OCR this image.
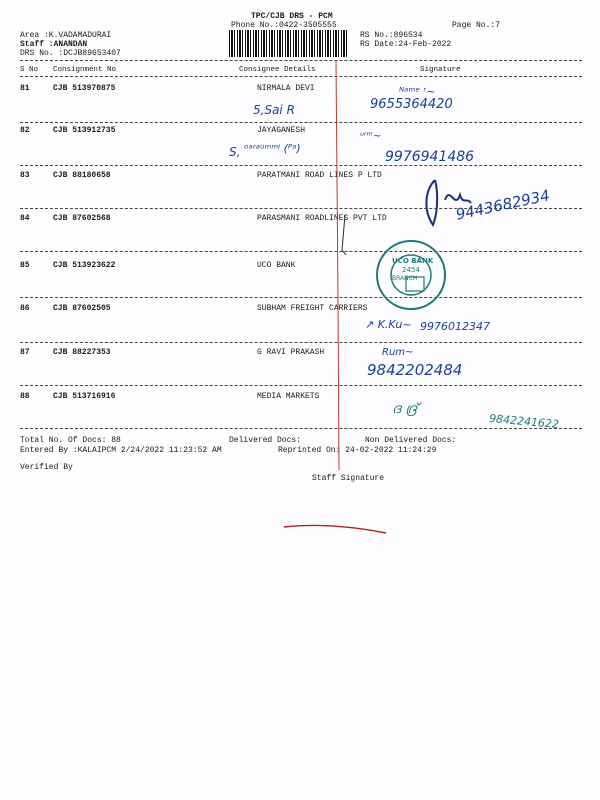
TPC/CJB DRS - PCM
Phone No.:0422-3505555
Area :K.VADAMADURAI
Staff :ANANDAN
DRS No. :DCJB89653407
RS No.:896534
RS Date:24-Feb-2022
Page No.:7
S No Consignment No	Consignee Details	Signature
81	CJB 513970875	NIRMALA DEVI
82	CJB 513912735	JAYAGANESH
83	CJB 88180658	PARATMANI ROAD LINES P LTD
84	CJB 87602568	PARASMANI ROADLINES PVT LTD
85	CJB 513923622	UCO BANK
86	CJB 87602505	SUBHAM FREIGHT CARRIERS
87	CJB 88227353	G RAVI PRAKASH
88	CJB 513716916	MEDIA MARKETS
Total No. Of Docs: 88	Delivered Docs:	Non Delivered Docs:
Entered By :KALAIPCM 2/24/2022 11:23:52 AM	Reprinted On: 24-02-2022 11:24:29
Verified By
Staff Signature
ᴺᵃᵐᵉ ʳ~
9655364420
5,Sai R
ᵘʳᵐ~
S, ᵒᵃʳᵃᵘᵐᵐⁱ (ᴾᵃ)
9976941486
9443682934
UCO BANK
2454
BRANCH
↗ K.Ku~ 9976012347
Rum~
9842202484
ദ ദ്ര്
9842241622
